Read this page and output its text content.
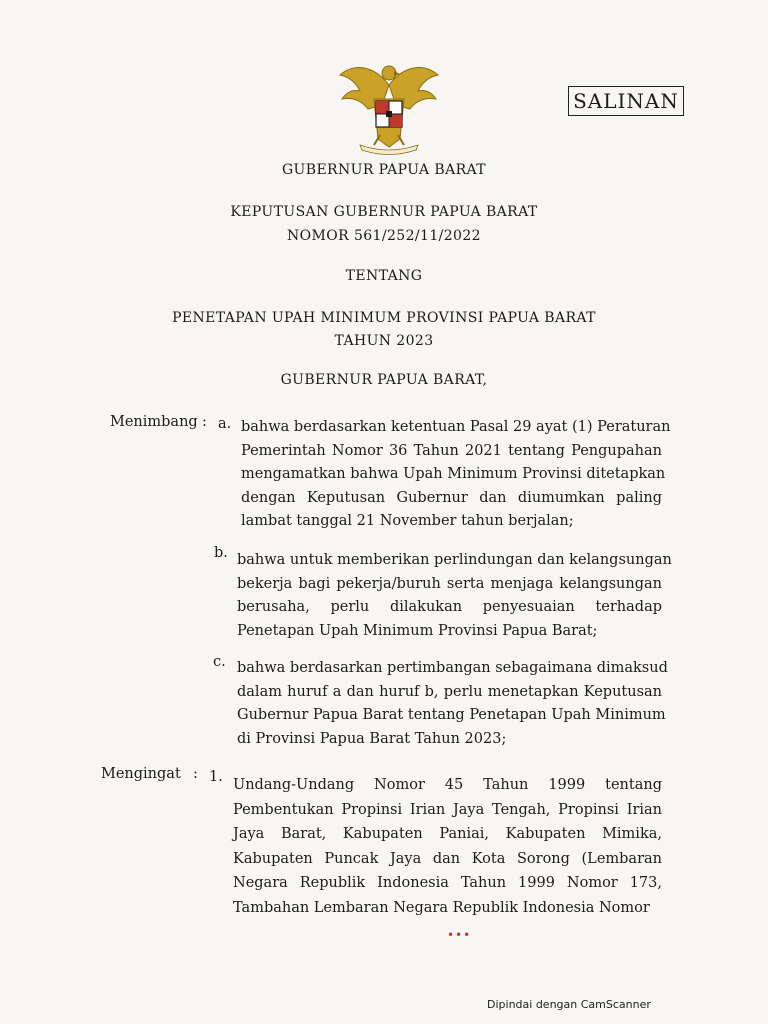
SALINAN
GUBERNUR PAPUA BARAT
KEPUTUSAN GUBERNUR PAPUA BARAT
NOMOR 561/252/11/2022
TENTANG
PENETAPAN UPAH MINIMUM PROVINSI PAPUA BARAT
TAHUN 2023
GUBERNUR PAPUA BARAT,
Menimbang : a. bahwa berdasarkan ketentuan Pasal 29 ayat (1) Peraturan
Pemerintah Nomor 36 Tahun 2021 tentang Pengupahan
mengamatkan bahwa Upah Minimum Provinsi ditetapkan
dengan Keputusan Gubernur dan diumumkan paling
lambat tanggal 21 November tahun berjalan;
b. bahwa untuk memberikan perlindungan dan kelangsungan
bekerja bagi pekerja/buruh serta menjaga kelangsungan
berusaha, perlu dilakukan penyesuaian terhadap
Penetapan Upah Minimum Provinsi Papua Barat;
c. bahwa berdasarkan pertimbangan sebagaimana dimaksud
dalam huruf a dan huruf b, perlu menetapkan Keputusan
Gubernur Papua Barat tentang Penetapan Upah Minimum
di Provinsi Papua Barat Tahun 2023;
Mengingat : 1. Undang-Undang Nomor 45 Tahun 1999 tentang
Pembentukan Propinsi Irian Jaya Tengah, Propinsi Irian
Jaya Barat, Kabupaten Paniai, Kabupaten Mimika,
Kabupaten Puncak Jaya dan Kota Sorong (Lembaran
Negara Republik Indonesia Tahun 1999 Nomor 173,
Tambahan Lembaran Negara Republik Indonesia Nomor
•••
Dipindai dengan CamScanner
